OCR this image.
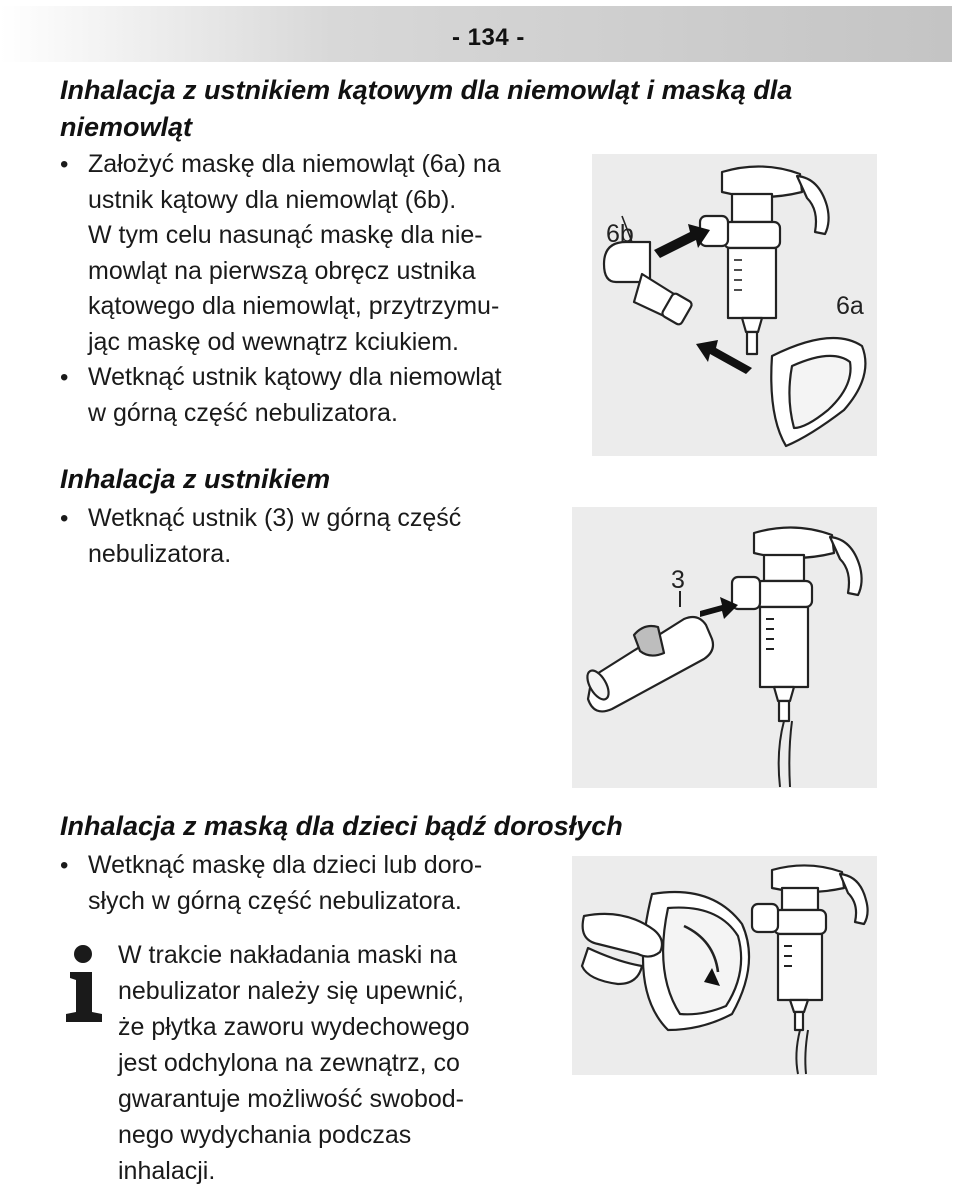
- 134 -
Inhalacja z ustnikiem kątowym dla niemowląt i maską dla
niemowląt
• Założyć maskę dla niemowląt (6a) na
ustnik kątowy dla niemowląt (6b).
W tym celu nasunąć maskę dla nie-
mowląt na pierwszą obręcz ustnika
kątowego dla niemowląt, przytrzymu-
jąc maskę od wewnątrz kciukiem.
• Wetknąć ustnik kątowy dla niemowląt
w górną część nebulizatora.
6b
6a
Inhalacja z ustnikiem
• Wetknąć ustnik (3) w górną część
nebulizatora.
3
Inhalacja z maską dla dzieci bądź dorosłych
• Wetknąć maskę dla dzieci lub doro-
słych w górną część nebulizatora.

W trakcie nakładania maski na
nebulizator należy się upewnić,
że płytka zaworu wydechowego
jest odchylona na zewnątrz, co
gwarantuje możliwość swobod-
nego wydychania podczas
inhalacji.
